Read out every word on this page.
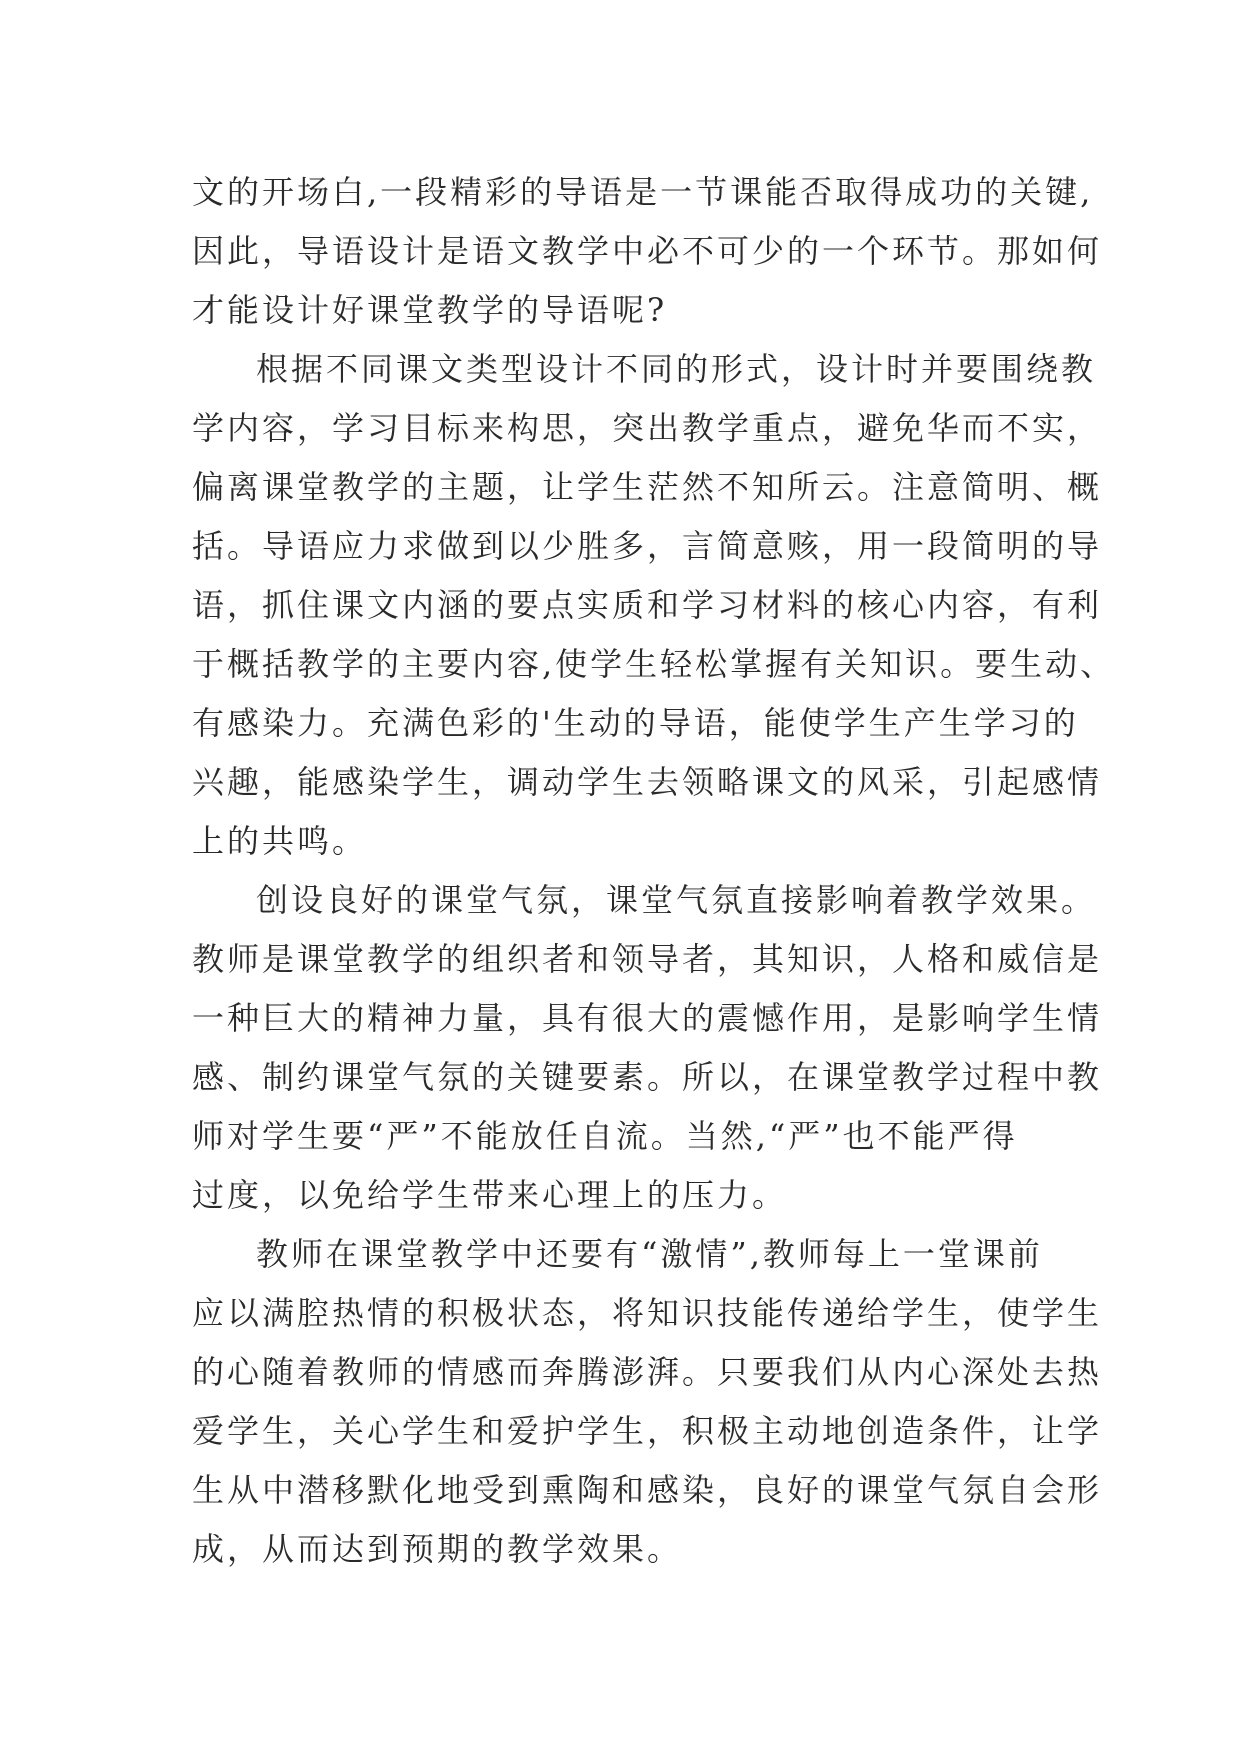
文的开场白,一段精彩的导语是一节课能否取得成功的关键,
因此，导语设计是语文教学中必不可少的一个环节。那如何
才能设计好课堂教学的导语呢?
根据不同课文类型设计不同的形式，设计时并要围绕教
学内容，学习目标来构思，突出教学重点，避免华而不实，
偏离课堂教学的主题，让学生茫然不知所云。注意简明、概
括。导语应力求做到以少胜多，言简意赅，用一段简明的导
语，抓住课文内涵的要点实质和学习材料的核心内容，有利
于概括教学的主要内容,使学生轻松掌握有关知识。要生动、
有感染力。充满色彩的'生动的导语，能使学生产生学习的
兴趣，能感染学生，调动学生去领略课文的风采，引起感情
上的共鸣。
创设良好的课堂气氛，课堂气氛直接影响着教学效果。
教师是课堂教学的组织者和领导者，其知识，人格和威信是
一种巨大的精神力量，具有很大的震憾作用，是影响学生情
感、制约课堂气氛的关键要素。所以，在课堂教学过程中教
师对学生要“严”不能放任自流。当然,“严”也不能严得
过度，以免给学生带来心理上的压力。
教师在课堂教学中还要有“激情”,教师每上一堂课前
应以满腔热情的积极状态，将知识技能传递给学生，使学生
的心随着教师的情感而奔腾澎湃。只要我们从内心深处去热
爱学生，关心学生和爱护学生，积极主动地创造条件，让学
生从中潜移默化地受到熏陶和感染，良好的课堂气氛自会形
成，从而达到预期的教学效果。
